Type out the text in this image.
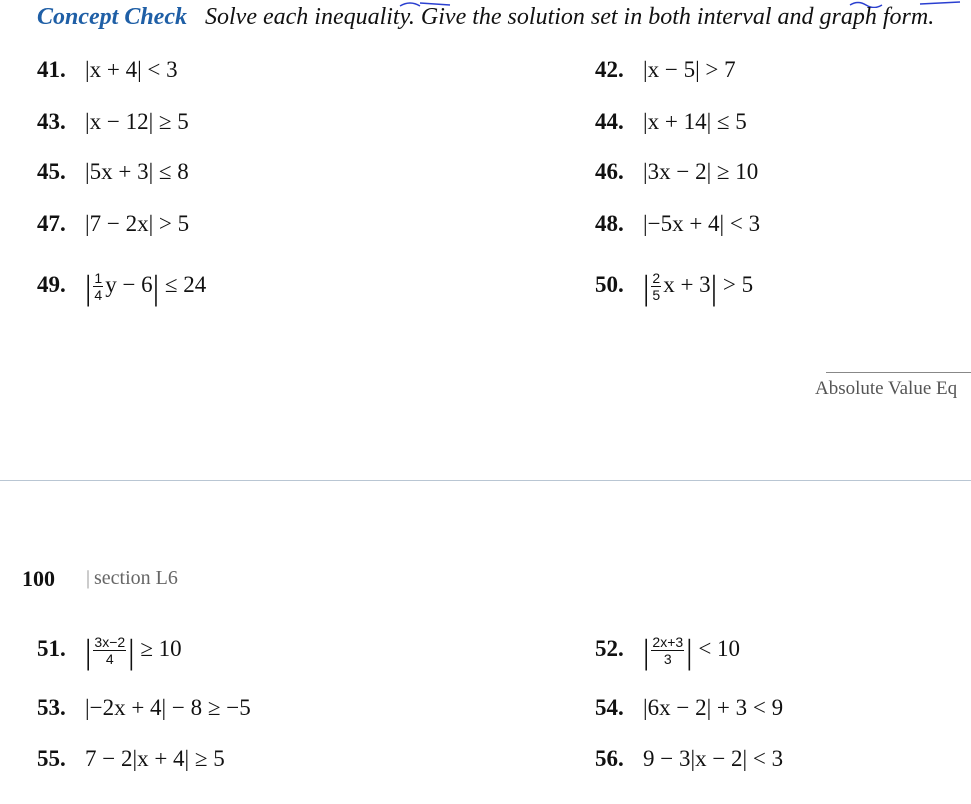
Concept Check Solve each inequality. Give the solution set in both interval and graph form.
41. |x + 4| < 3	42. |x − 5| > 7
43. |x − 12| ≥ 5	44. |x + 14| ≤ 5
45. |5x + 3| ≤ 8	46. |3x − 2| ≥ 10
47. |7 − 2x| > 5	48. |−5x + 4| < 3
49. | $\frac{1}{4}$ y − 6| ≤ 24	50. | $\frac{2}{5}$ x + 3| > 5
Absolute Value Eq
100 | section L6
51. | $\frac{3x-2}{4}$ | ≥ 10	52. | $\frac{2x+3}{3}$ | < 10
53. |−2x + 4| − 8 ≥ −5	54. |6x − 2| + 3 < 9
55. 7 − 2|x + 4| ≥ 5	56. 9 − 3|x − 2| < 3
